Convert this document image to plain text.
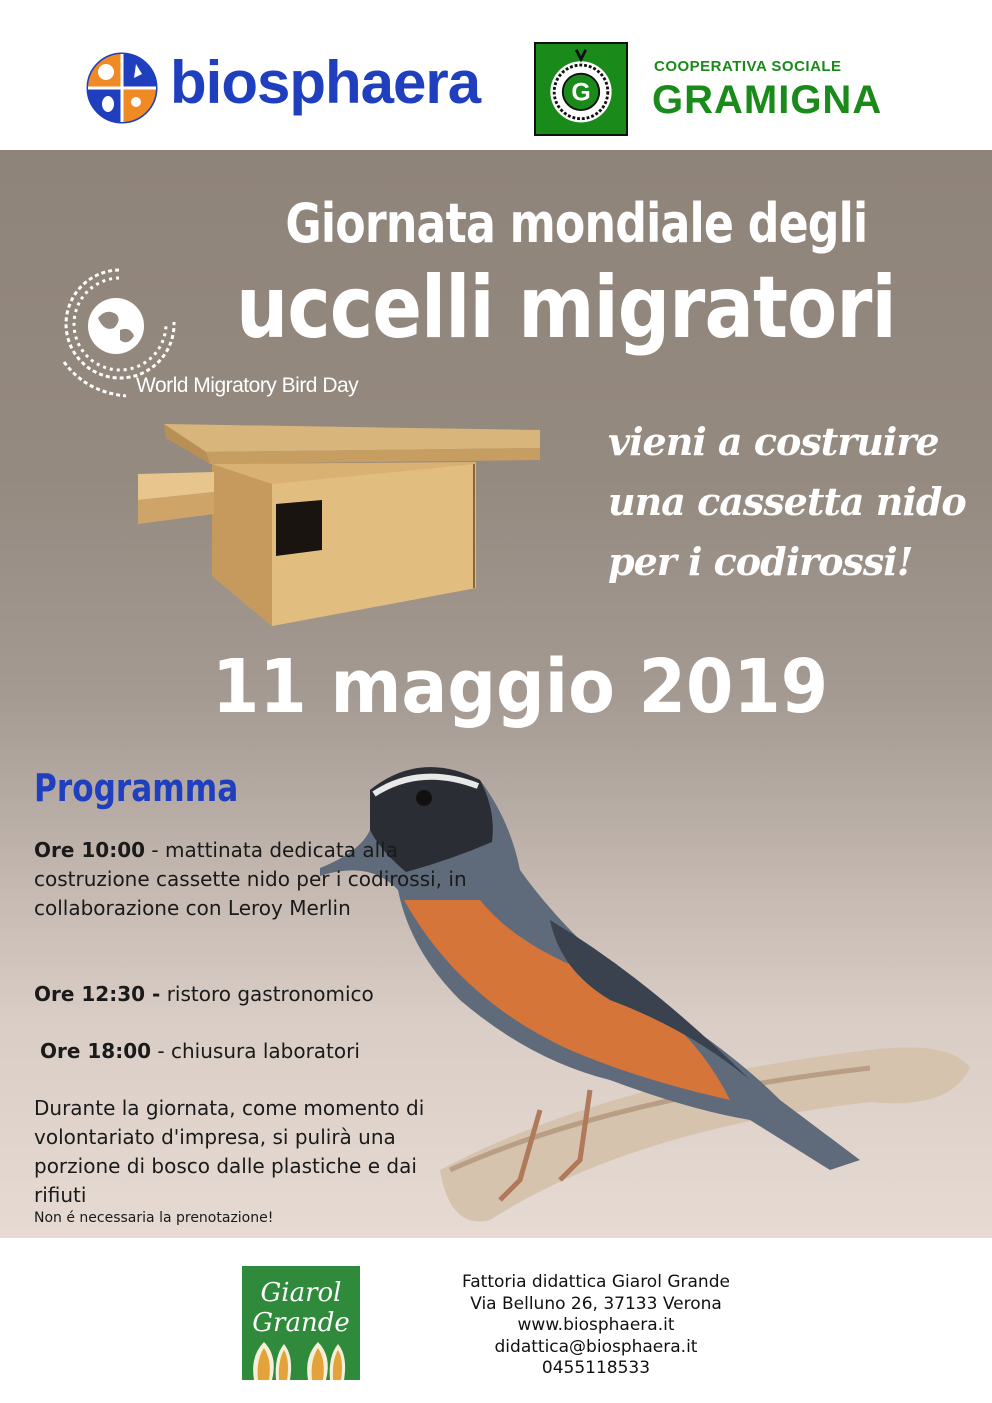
biosphaera	G
COOPERATIVA SOCIALE
GRAMIGNA
Giornata mondiale degli
uccelli migratori
World Migratory Bird Day
vieni a costruire
una cassetta nido
per i codirossi!
11 maggio 2019
Programma
Ore 10:00 - mattinata dedicata alla costruzione cassette nido per i codirossi, in collaborazione con Leroy Merlin
Ore 12:30 - ristoro gastronomico
Ore 18:00 - chiusura laboratori
Durante la giornata, come momento di volontariato d'impresa, si pulirà una porzione di bosco dalle plastiche e dai rifiuti
Non é necessaria la prenotazione!
Giarol
Grande
Fattoria didattica Giarol Grande
Via Belluno 26, 37133 Verona
www.biosphaera.it
didattica@biosphaera.it
0455118533
